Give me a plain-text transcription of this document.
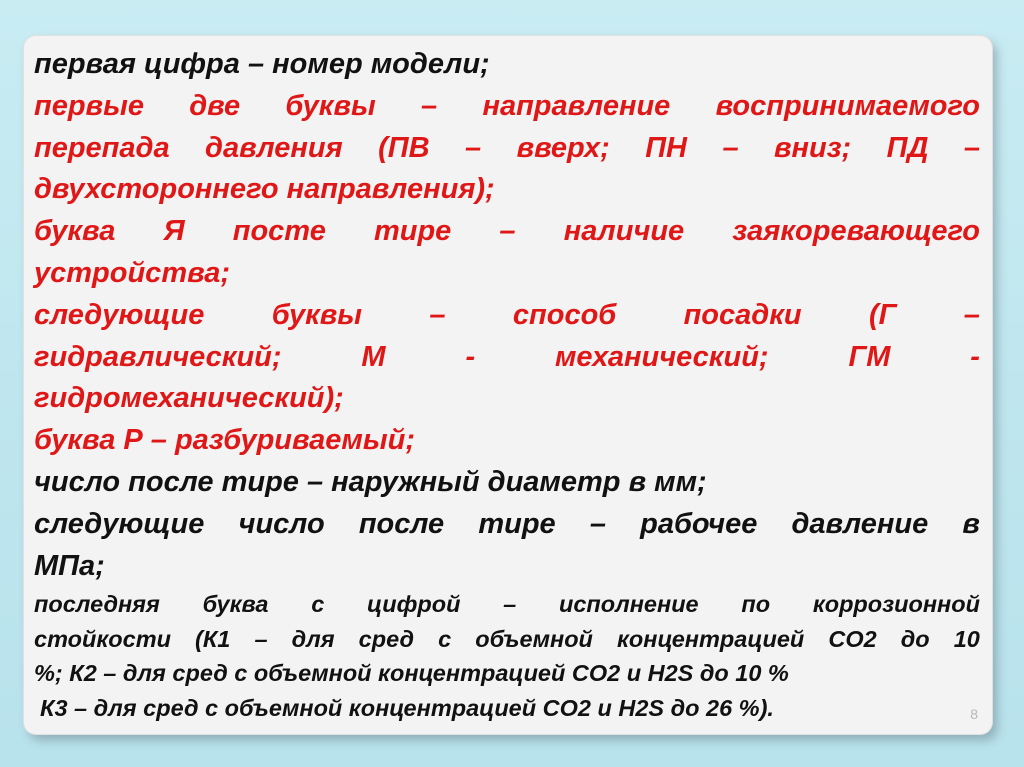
первая цифра – номер модели;
первые две буквы – направление воспринимаемого
перепада давления (ПВ – вверх; ПН – вниз; ПД –
двухстороннего направления);
буква Я посте тире – наличие заякоревающего
устройства;
следующие буквы – способ посадки (Г –
гидравлический;	М	-	механический;	ГМ	-
гидромеханический);
буква Р – разбуриваемый;
число после тире – наружный диаметр в мм;
следующие число после тире – рабочее давление в
МПа;
последняя буква с цифрой – исполнение по коррозионной
стойкости (К1 – для сред с объемной концентрацией СО2 до 10
%; К2 – для сред с объемной концентрацией СО2 и H2S до 10 %
К3 – для сред с объемной концентрацией СО2 и H2S до 26 %).	8
